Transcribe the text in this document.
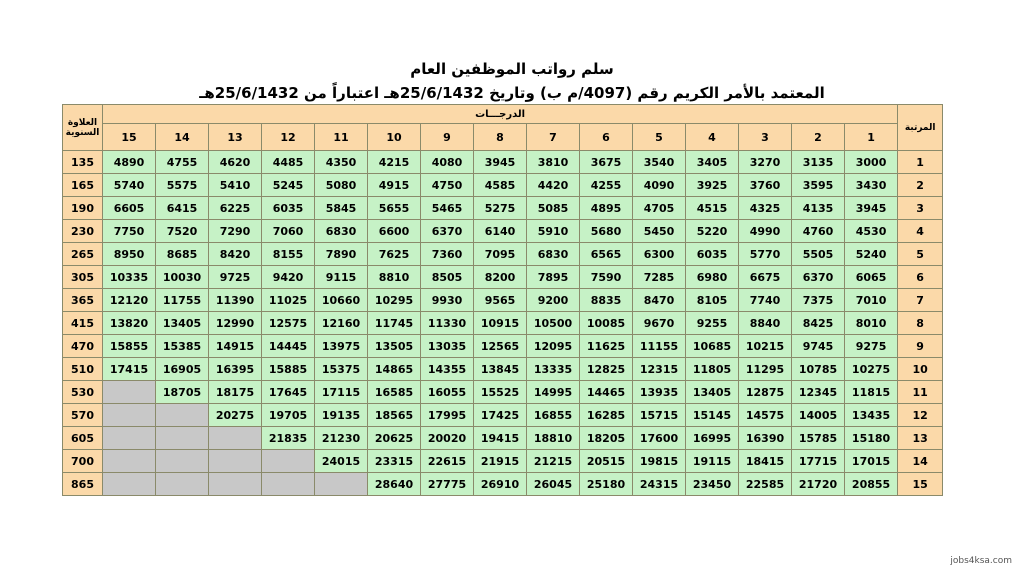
سلم رواتب الموظفين العام
المعتمد بالأمر الكريم رقم (4097/م ب) وتاريخ 25/6/1432هـ اعتباراً من 25/6/1432هـ
العلاوة
السنوية	الدرجـــات															المرتبة
	15	14	13	12	11	10	9	8	7	6	5	4	3	2	1	
135	4890	4755	4620	4485	4350	4215	4080	3945	3810	3675	3540	3405	3270	3135	3000	1
165	5740	5575	5410	5245	5080	4915	4750	4585	4420	4255	4090	3925	3760	3595	3430	2
190	6605	6415	6225	6035	5845	5655	5465	5275	5085	4895	4705	4515	4325	4135	3945	3
230	7750	7520	7290	7060	6830	6600	6370	6140	5910	5680	5450	5220	4990	4760	4530	4
265	8950	8685	8420	8155	7890	7625	7360	7095	6830	6565	6300	6035	5770	5505	5240	5
305	10335	10030	9725	9420	9115	8810	8505	8200	7895	7590	7285	6980	6675	6370	6065	6
365	12120	11755	11390	11025	10660	10295	9930	9565	9200	8835	8470	8105	7740	7375	7010	7
415	13820	13405	12990	12575	12160	11745	11330	10915	10500	10085	9670	9255	8840	8425	8010	8
470	15855	15385	14915	14445	13975	13505	13035	12565	12095	11625	11155	10685	10215	9745	9275	9
510	17415	16905	16395	15885	15375	14865	14355	13845	13335	12825	12315	11805	11295	10785	10275	10
530		18705	18175	17645	17115	16585	16055	15525	14995	14465	13935	13405	12875	12345	11815	11
570			20275	19705	19135	18565	17995	17425	16855	16285	15715	15145	14575	14005	13435	12
605				21835	21230	20625	20020	19415	18810	18205	17600	16995	16390	15785	15180	13
700					24015	23315	22615	21915	21215	20515	19815	19115	18415	17715	17015	14
865						28640	27775	26910	26045	25180	24315	23450	22585	21720	20855	15
jobs4ksa.com
